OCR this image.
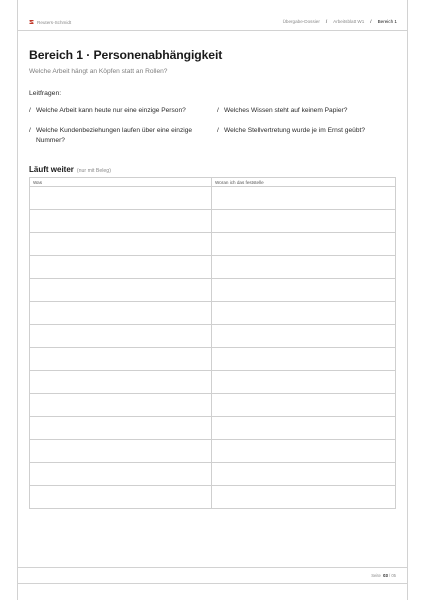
Reuters-Schmidt	Übergabe-Dossier / Arbeitsblatt W1 / Bereich 1
Bereich 1 · Personenabhängigkeit
Welche Arbeit hängt an Köpfen statt an Rollen?
Leitfragen:
/ Welche Arbeit kann heute nur eine einzige Person?	/ Welches Wissen steht auf keinem Papier?
/ Welche Kundenbeziehungen laufen über eine einzige Nummer?
/ Welche Stellvertretung wurde je im Ernst geübt?
Läuft weiter (nur mit Beleg)
Was	Woran ich das feststelle

Seite 03 / 05
